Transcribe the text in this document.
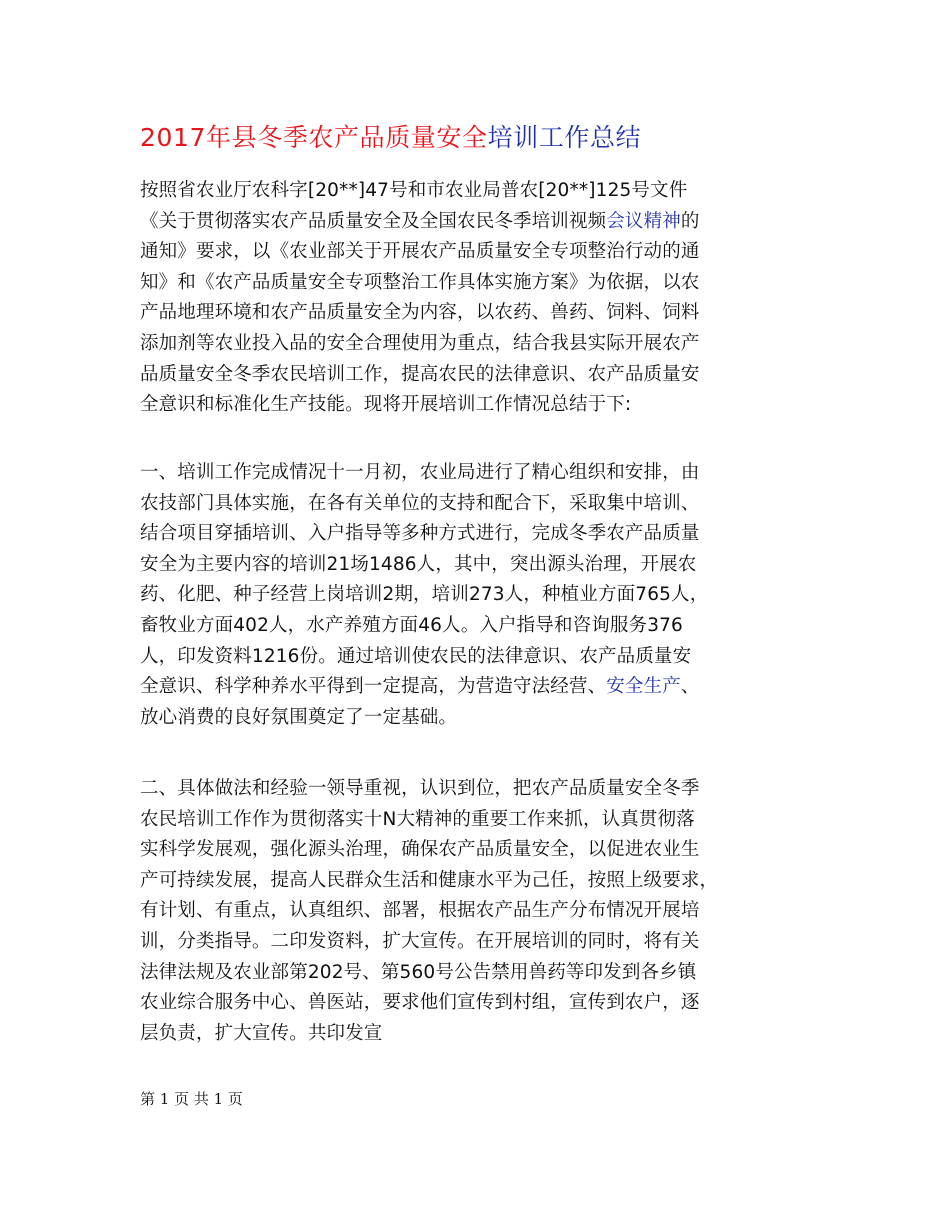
2017年县冬季农产品质量安全培训工作总结

按照省农业厅农科字[20**]47号和市农业局普农[20**]125号文件
《关于贯彻落实农产品质量安全及全国农民冬季培训视频会议精神的
通知》要求，以《农业部关于开展农产品质量安全专项整治行动的通
知》和《农产品质量安全专项整治工作具体实施方案》为依据，以农
产品地理环境和农产品质量安全为内容，以农药、兽药、饲料、饲料
添加剂等农业投入品的安全合理使用为重点，结合我县实际开展农产
品质量安全冬季农民培训工作，提高农民的法律意识、农产品质量安
全意识和标准化生产技能。现将开展培训工作情况总结于下:

一、培训工作完成情况十一月初，农业局进行了精心组织和安排，由
农技部门具体实施，在各有关单位的支持和配合下，采取集中培训、
结合项目穿插培训、入户指导等多种方式进行，完成冬季农产品质量
安全为主要内容的培训21场1486人，其中，突出源头治理，开展农
药、化肥、种子经营上岗培训2期，培训273人，种植业方面765人，
畜牧业方面402人，水产养殖方面46人。入户指导和咨询服务376
人，印发资料1216份。通过培训使农民的法律意识、农产品质量安
全意识、科学种养水平得到一定提高，为营造守法经营、安全生产、
放心消费的良好氛围奠定了一定基础。

二、具体做法和经验一领导重视，认识到位，把农产品质量安全冬季
农民培训工作作为贯彻落实十N大精神的重要工作来抓，认真贯彻落
实科学发展观，强化源头治理，确保农产品质量安全，以促进农业生
产可持续发展，提高人民群众生活和健康水平为己任，按照上级要求，
有计划、有重点，认真组织、部署，根据农产品生产分布情况开展培
训，分类指导。二印发资料，扩大宣传。在开展培训的同时，将有关
法律法规及农业部第202号、第560号公告禁用兽药等印发到各乡镇
农业综合服务中心、兽医站，要求他们宣传到村组，宣传到农户，逐
层负责，扩大宣传。共印发宣

第 1 页 共 1 页
